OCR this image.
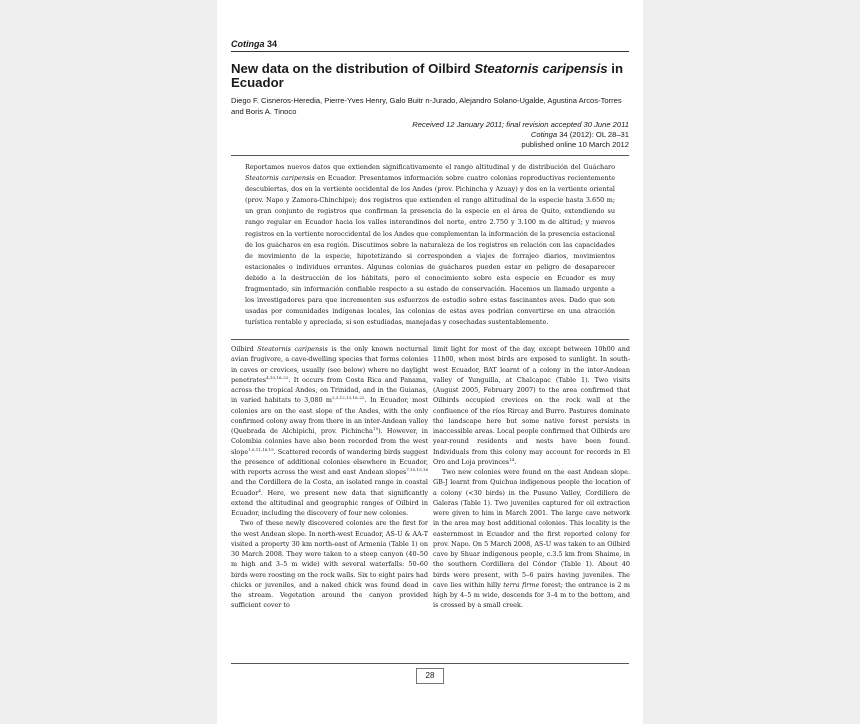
Cotinga 34
New data on the distribution of Oilbird Steatornis caripensis in Ecuador
Diego F. Cisneros-Heredia, Pierre-Yves Henry, Galo Buitr n-Jurado, Alejandro Solano-Ugalde, Agustina Arcos-Torres and Boris A. Tinoco
Received 12 January 2011; final revision accepted 30 June 2011
Cotinga 34 (2012): OL 28–31
published online 10 March 2012
Reportamos nuevos datos que extienden significativamente el rango altitudinal y de distribución del Guácharo Steatornis caripensis en Ecuador. Presentamos información sobre cuatro colonias reproductivas recientemente descubiertas, dos en la vertiente occidental de los Andes (prov. Pichincha y Azuay) y dos en la vertiente oriental (prov. Napo y Zamora-Chinchipe); dos registros que extienden el rango altitudinal de la especie hasta 3.650 m; un gran conjunto de registros que confirman la presencia de la especie en el área de Quito, extendiendo su rango regular en Ecuador hacia los valles interandinos del norte, entre 2.750 y 3.100 m de altitud; y nuevos registros en la vertiente noroccidental de los Andes que complementan la información de la presencia estacional de los guácharos en esa región. Discutimos sobre la naturaleza de los registros en relación con las capacidades de movimiento de la especie, hipotetizando si corresponden a viajes de forrajeo diarios, movimientos estacionales o individuos errantes. Algunas colonias de guácharos pueden estar en peligro de desaparecer debido a la destrucción de los hábitats, pero el conocimiento sobre esta especie en Ecuador es muy fragmentado, sin información confiable respecto a su estado de conservación. Hacemos un llamado urgente a los investigadores para que incrementen sus esfuerzos de estudio sobre estas fascinantes aves. Dado que son usadas por comunidades indígenas locales, las colonias de estas aves podrían convertirse en una atracción turística rentable y apreciada, si son estudiadas, manejadas y cosechadas sustentablemente.

Oilbird Steatornis caripensis is the only known nocturnal avian frugivore, a cave-dwelling species that forms colonies in caves or crevices, usually (see below) where no daylight penetrates$^{4,10,16-22}$. It occurs from Costa Rica and Panama, across the tropical Andes, on Trinidad, and in the Guianas, in varied habitats to 3,080 $m^{2,3,12,13,16-22}$. In Ecuador, most colonies are on the east slope of the Andes, with the only confirmed colony away from there in an inter-Andean valley (Quebrada de Alchipichi, prov. Pichincha$^{15}$). However, in Colombia colonies have also been recorded from the west slope$^{1,6,11,16,19}$. Scattered records of wandering birds suggest the presence of additional colonies elsewhere in Ecuador, with reports across the west and east Andean slopes$^{7,10,15,16}$ and the Cordillera de la Costa, an isolated range in coastal Ecuador$^4$. Here, we present new data that significantly extend the altitudinal and geographic ranges of Oilbird in Ecuador, including the discovery of four new colonies.

Two of these newly discovered colonies are the first for the west Andean slope. In north-west Ecuador, AS-U & AA-T visited a property 30 km north-east of Armenia (Table 1) on 30 March 2008. They were taken to a steep canyon (40–50 m high and 3–5 m wide) with several waterfalls: 50–60 birds were roosting on the rock walls. Six to eight pairs had chicks or juveniles, and a naked chick was found dead in the stream. Vegetation around the canyon provided sufficient cover to

limit light for most of the day, except between 10h00 and 11h00, when most birds are exposed to sunlight. In south-west Ecuador, BAT learnt of a colony in the inter-Andean valley of Yunguilla, at Chalcapac (Table 1). Two visits (August 2005, February 2007) to the area confirmed that Oilbirds occupied crevices on the rock wall at the confluence of the ríos Rircay and Burro. Pastures dominate the landscape here but some native forest persists in inaccessible areas. Local people confirmed that Oilbirds are year-round residents and nests have been found. Individuals from this colony may account for records in El Oro and Loja provinces$^{14}$.

Two new colonies were found on the east Andean slope. GB-J learnt from Quichua indigenous people the location of a colony (<30 birds) in the Pusuno Valley, Cordillera de Galeras (Table 1). Two juveniles captured for oil extraction were given to him in March 2001. The large cave network in the area may host additional colonies. This locality is the easternmost in Ecuador and the first reported colony for prov. Napo. On 5 March 2008, AS-U was taken to an Oilbird cave by Shuar indigenous people, c.3.5 km from Shaime, in the southern Cordillera del Cóndor (Table 1). About 40 birds were present, with 5–6 pairs having juveniles. The cave lies within hilly terra firme forest; the entrance is 2 m high by 4–5 m wide, descends for 3–4 m to the bottom, and is crossed by a small creek.

28
